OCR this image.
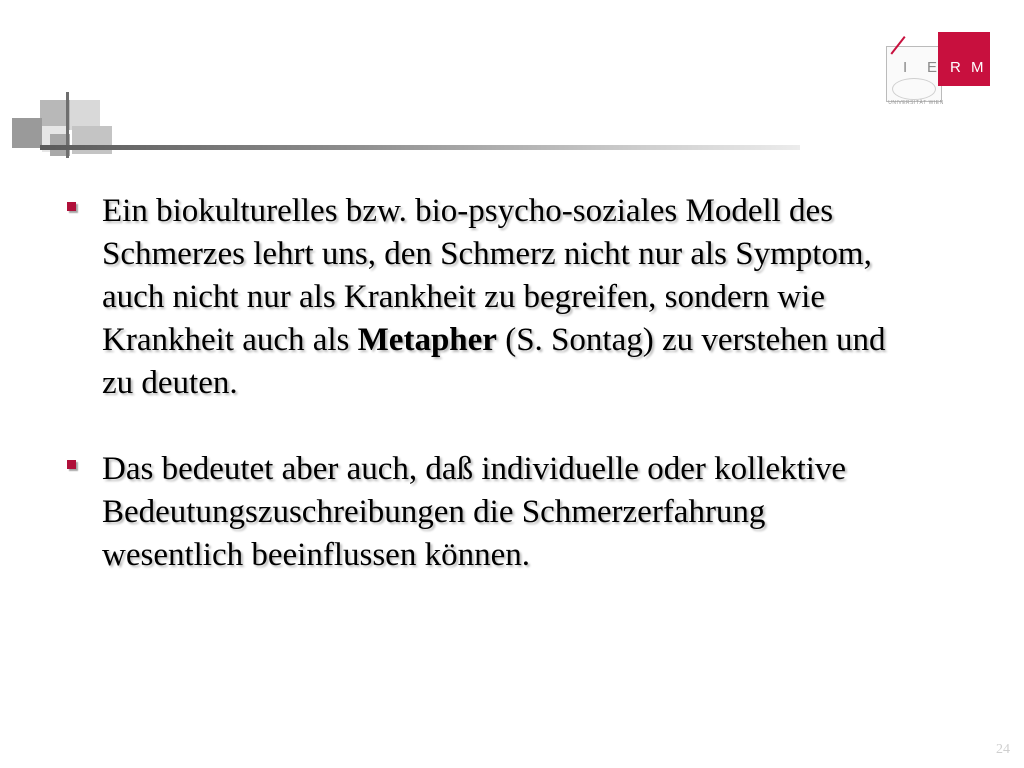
I E R M
UNIVERSITÄT WIEN
Ein biokulturelles bzw. bio-psycho-soziales Modell des Schmerzes lehrt uns, den Schmerz nicht nur als Symptom, auch nicht nur als Krankheit zu begreifen, sondern wie Krankheit auch als Metapher (S. Sontag) zu verstehen und zu deuten.
Das bedeutet aber auch, daß individuelle oder kollektive Bedeutungszuschreibungen die Schmerzerfahrung wesentlich beeinflussen können.
24
